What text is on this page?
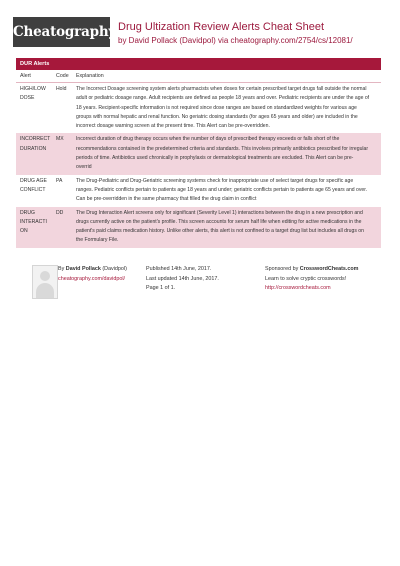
Cheatography Drug Ultization Review Alerts Cheat Sheet
by David Pollack (Davidpol) via cheatography.com/2754/cs/12081/
DUR Alerts
Alert	Code	Explanation
HIGH/LOW
DOSE
Hold	The Incorrect Dosage screening system alerts pharmacists when doses for certain prescribed target drugs fall outside the normal
adult or pediatric dosage range. Adult recipients are defined as people 18 years and over. Pediatric recipients are under the age of
18 years. Recipient-specific information is not required since dose ranges are based on standardized weights for various age
groups with normal hepatic and renal function. No geriatric dosing standards (for ages 65 years and older) are included in the
incorrect dosage warning screen at the present time. This Alert can be pre-overridden.
INCORRECT
DURATION
MX	Incorrect duration of drug therapy occurs when the number of days of prescribed therapy exceeds or falls short of the
recommendations contained in the predetermined criteria and standards. This involves primarily antibiotics prescribed for irregular
periods of time. Antibiotics used chronically in prophylaxis or dermatological treatments are excluded. This Alert can be pre-
overrid
DRUG AGE
CONFLICT
PA	The Drug-Pediatric and Drug-Geriatric screening systems check for inappropriate use of select target drugs for specific age
ranges. Pediatric conflicts pertain to patients age 18 years and under; geriatric conflicts pertain to patients age 65 years and over.
Can be pre-overridden in the same pharmacy that filled the drug claim in conflict
DRUG
INTERACTI
ON
DD	The Drug Interaction Alert screens only for significant (Severity Level 1) interactions between the drug in a new prescription and
drugs currently active on the patient's profile. This screen accounts for serum half life when editing for active medications in the
patient's paid claims medication history. Unlike other alerts, this alert is not confined to a target drug list but includes all drugs on
the Formulary File.
By David Pollack (Davidpol)
cheatography.com/davidpol/
Published 14th June, 2017.
Last updated 14th June, 2017.
Page 1 of 1.
Sponsored by CrosswordCheats.com
Learn to solve cryptic crosswords!
http://crosswordcheats.com
